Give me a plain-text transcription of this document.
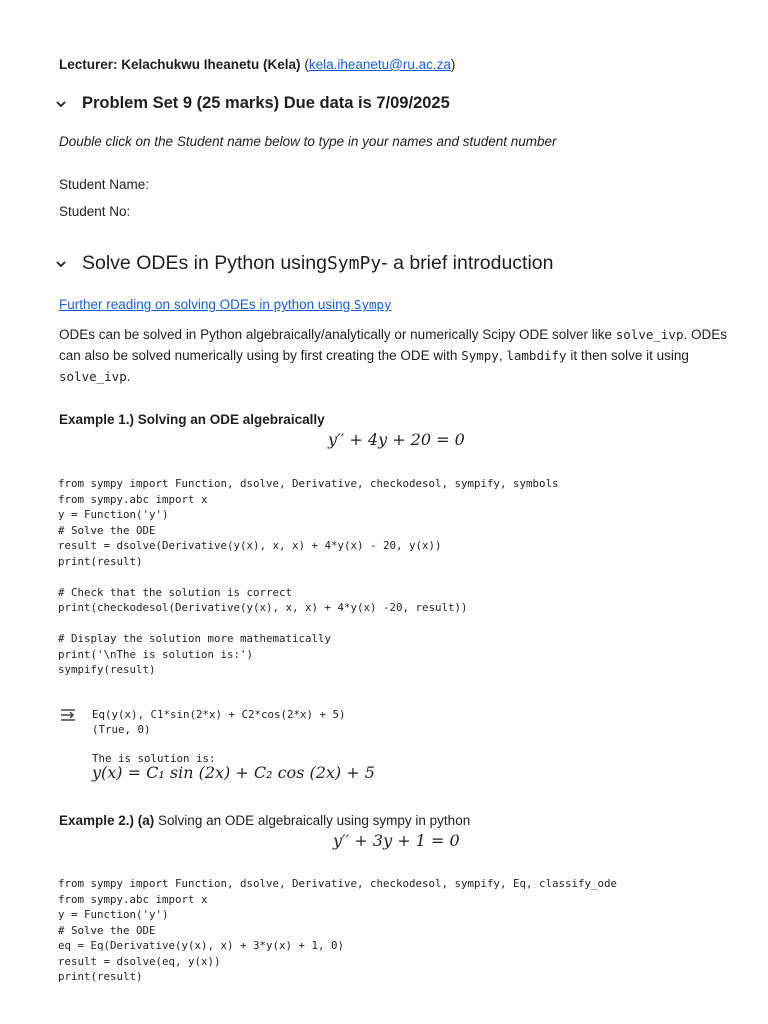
Lecturer: Kelachukwu Iheanetu (Kela) (kela.iheanetu@ru.ac.za)
Problem Set 9 (25 marks) Due data is 7/09/2025
Double click on the Student name below to type in your names and student number
Student Name:
Student No:
Solve ODEs in Python using SymPy - a brief introduction
Further reading on solving ODEs in python using Sympy
ODEs can be solved in Python algebraically/analytically or numerically Scipy ODE solver like solve_ivp. ODEs can also be solved numerically using by first creating the ODE with Sympy, lambdify it then solve it using solve_ivp.
Example 1.) Solving an ODE algebraically
y′′ + 4y + 20 = 0
from sympy import Function, dsolve, Derivative, checkodesol, sympify, symbols
from sympy.abc import x
y = Function('y')
# Solve the ODE
result = dsolve(Derivative(y(x), x, x) + 4*y(x) - 20, y(x))
print(result)

# Check that the solution is correct
print(checkodesol(Derivative(y(x), x, x) + 4*y(x) -20, result))

# Display the solution more mathematically
print('\nThe is solution is:')
sympify(result)
Eq(y(x), C1*sin(2*x) + C2*cos(2*x) + 5)
(True, 0)

The is solution is:
y(x) = C₁ sin (2x) + C₂ cos (2x) + 5
Example 2.) (a) Solving an ODE algebraically using sympy in python
y′′ + 3y + 1 = 0
from sympy import Function, dsolve, Derivative, checkodesol, sympify, Eq, classify_ode
from sympy.abc import x
y = Function('y')
# Solve the ODE
eq = Eq(Derivative(y(x), x) + 3*y(x) + 1, 0)
result = dsolve(eq, y(x))
print(result)
